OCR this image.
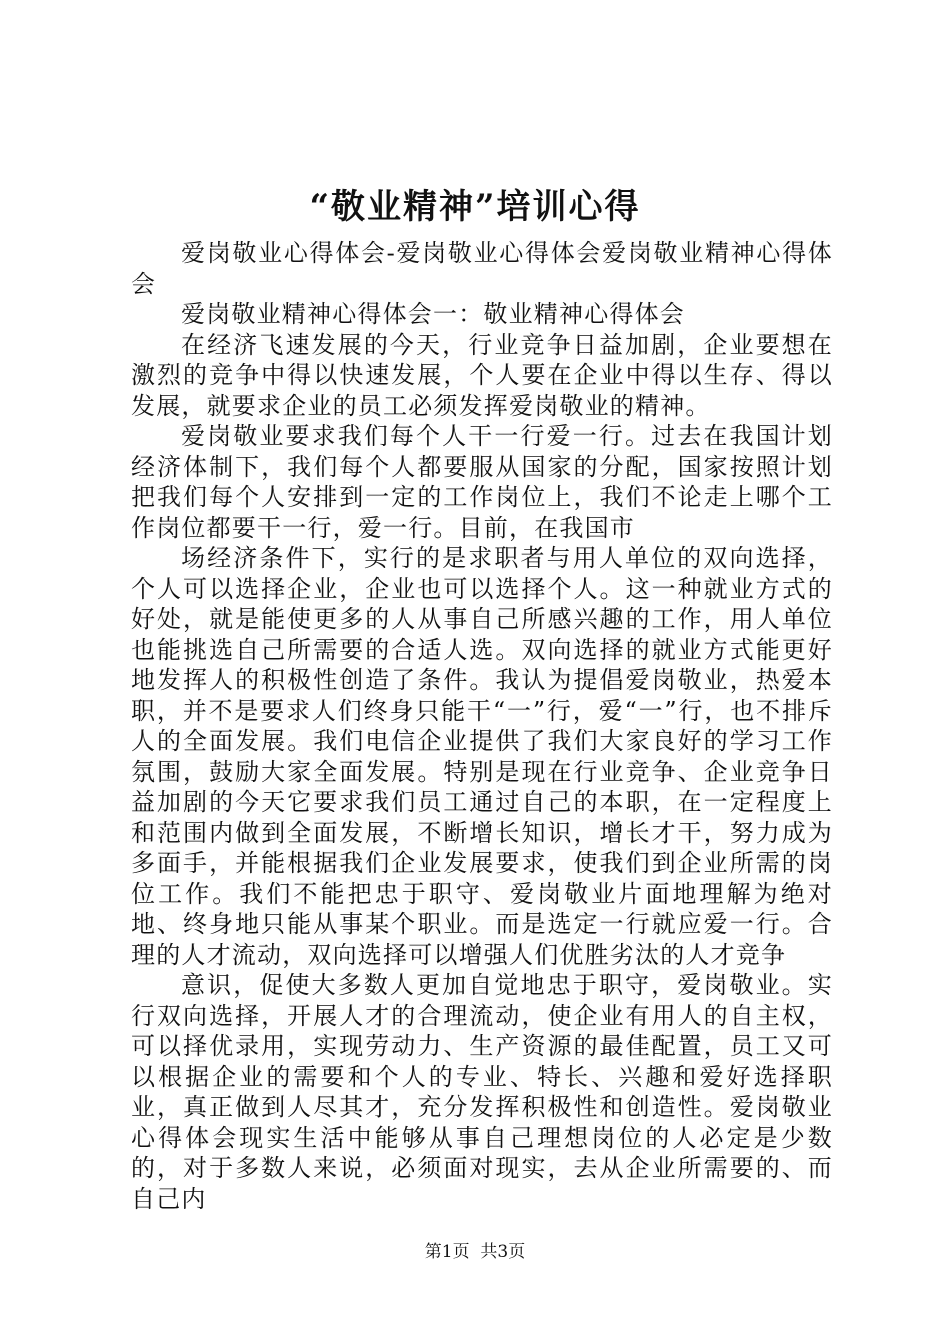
“敬业精神”培训心得

爱岗敬业心得体会-爱岗敬业心得体会爱岗敬业精神心得体会

爱岗敬业精神心得体会一：敬业精神心得体会

在经济飞速发展的今天，行业竞争日益加剧，企业要想在激烈的竞争中得以快速发展，个人要在企业中得以生存、得以发展，就要求企业的员工必须发挥爱岗敬业的精神。

爱岗敬业要求我们每个人干一行爱一行。过去在我国计划经济体制下，我们每个人都要服从国家的分配，国家按照计划把我们每个人安排到一定的工作岗位上，我们不论走上哪个工作岗位都要干一行，爱一行。目前，在我国市

场经济条件下，实行的是求职者与用人单位的双向选择，个人可以选择企业，企业也可以选择个人。这一种就业方式的好处，就是能使更多的人从事自己所感兴趣的工作，用人单位也能挑选自己所需要的合适人选。双向选择的就业方式能更好地发挥人的积极性创造了条件。我认为提倡爱岗敬业，热爱本职，并不是要求人们终身只能干“一”行，爱“一”行，也不排斥人的全面发展。我们电信企业提供了我们大家良好的学习工作氛围，鼓励大家全面发展。特别是现在行业竞争、企业竞争日益加剧的今天它要求我们员工通过自己的本职，在一定程度上和范围内做到全面发展，不断增长知识，增长才干，努力成为多面手，并能根据我们企业发展要求，使我们到企业所需的岗位工作。我们不能把忠于职守、爱岗敬业片面地理解为绝对地、终身地只能从事某个职业。而是选定一行就应爱一行。合理的人才流动，双向选择可以增强人们优胜劣汰的人才竞争

意识，促使大多数人更加自觉地忠于职守，爱岗敬业。实行双向选择，开展人才的合理流动，使企业有用人的自主权，可以择优录用，实现劳动力、生产资源的最佳配置，员工又可以根据企业的需要和个人的专业、特长、兴趣和爱好选择职业，真正做到人尽其才，充分发挥积极性和创造性。爱岗敬业心得体会现实生活中能够从事自己理想岗位的人必定是少数的，对于多数人来说，必须面对现实，去从企业所需要的、而自己内

第1页  共3页
